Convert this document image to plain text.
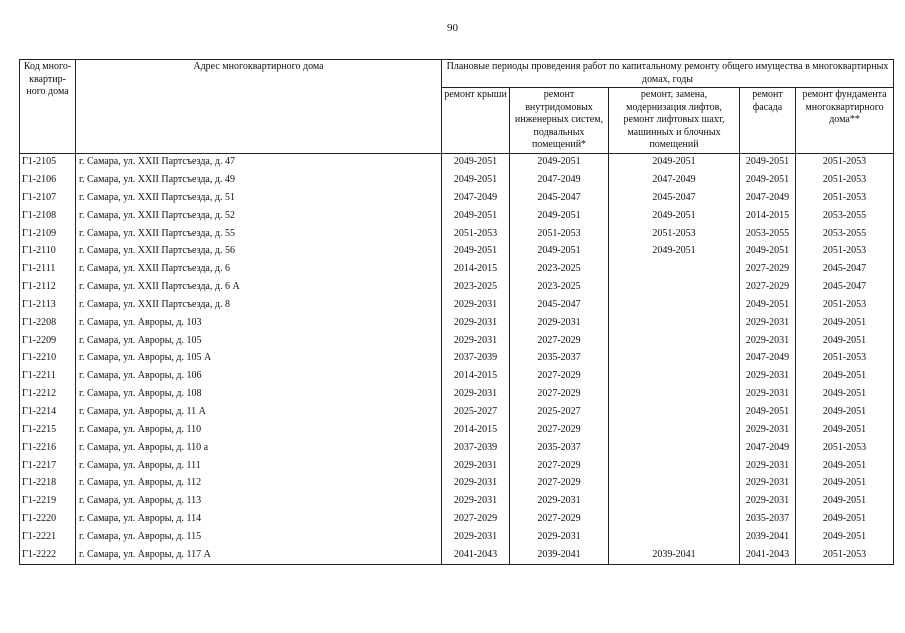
90
Код много-квартир-ного дома	Адрес многоквартирного дома	Плановые периоды проведения работ по капитальному ремонту общего имущества в многоквартирных домах, годы				
		ремонт крыши	ремонт внутридомовых инженерных систем, подвальных помещений*	ремонт, замена, модернизация лифтов, ремонт лифтовых шахт, машинных и блочных помещений	ремонт фасада	ремонт фундамента многоквартирного дома**
Г1-2105	г. Самара, ул. XXII Партсъезда, д. 47	2049-2051	2049-2051	2049-2051	2049-2051	2051-2053
Г1-2106	г. Самара, ул. XXII Партсъезда, д. 49	2049-2051	2047-2049	2047-2049	2049-2051	2051-2053
Г1-2107	г. Самара, ул. XXII Партсъезда, д. 51	2047-2049	2045-2047	2045-2047	2047-2049	2051-2053
Г1-2108	г. Самара, ул. XXII Партсъезда, д. 52	2049-2051	2049-2051	2049-2051	2014-2015	2053-2055
Г1-2109	г. Самара, ул. XXII Партсъезда, д. 55	2051-2053	2051-2053	2051-2053	2053-2055	2053-2055
Г1-2110	г. Самара, ул. XXII Партсъезда, д. 56	2049-2051	2049-2051	2049-2051	2049-2051	2051-2053
Г1-2111	г. Самара, ул. XXII Партсъезда, д. 6	2014-2015	2023-2025		2027-2029	2045-2047
Г1-2112	г. Самара, ул. XXII Партсъезда, д. 6 А	2023-2025	2023-2025		2027-2029	2045-2047
Г1-2113	г. Самара, ул. XXII Партсъезда, д. 8	2029-2031	2045-2047		2049-2051	2051-2053
Г1-2208	г. Самара, ул. Авроры, д. 103	2029-2031	2029-2031		2029-2031	2049-2051
Г1-2209	г. Самара, ул. Авроры, д. 105	2029-2031	2027-2029		2029-2031	2049-2051
Г1-2210	г. Самара, ул. Авроры, д. 105 А	2037-2039	2035-2037		2047-2049	2051-2053
Г1-2211	г. Самара, ул. Авроры, д. 106	2014-2015	2027-2029		2029-2031	2049-2051
Г1-2212	г. Самара, ул. Авроры, д. 108	2029-2031	2027-2029		2029-2031	2049-2051
Г1-2214	г. Самара, ул. Авроры, д. 11 А	2025-2027	2025-2027		2049-2051	2049-2051
Г1-2215	г. Самара, ул. Авроры, д. 110	2014-2015	2027-2029		2029-2031	2049-2051
Г1-2216	г. Самара, ул. Авроры, д. 110 а	2037-2039	2035-2037		2047-2049	2051-2053
Г1-2217	г. Самара, ул. Авроры, д. 111	2029-2031	2027-2029		2029-2031	2049-2051
Г1-2218	г. Самара, ул. Авроры, д. 112	2029-2031	2027-2029		2029-2031	2049-2051
Г1-2219	г. Самара, ул. Авроры, д. 113	2029-2031	2029-2031		2029-2031	2049-2051
Г1-2220	г. Самара, ул. Авроры, д. 114	2027-2029	2027-2029		2035-2037	2049-2051
Г1-2221	г. Самара, ул. Авроры, д. 115	2029-2031	2029-2031		2039-2041	2049-2051
Г1-2222	г. Самара, ул. Авроры, д. 117 А	2041-2043	2039-2041	2039-2041	2041-2043	2051-2053
